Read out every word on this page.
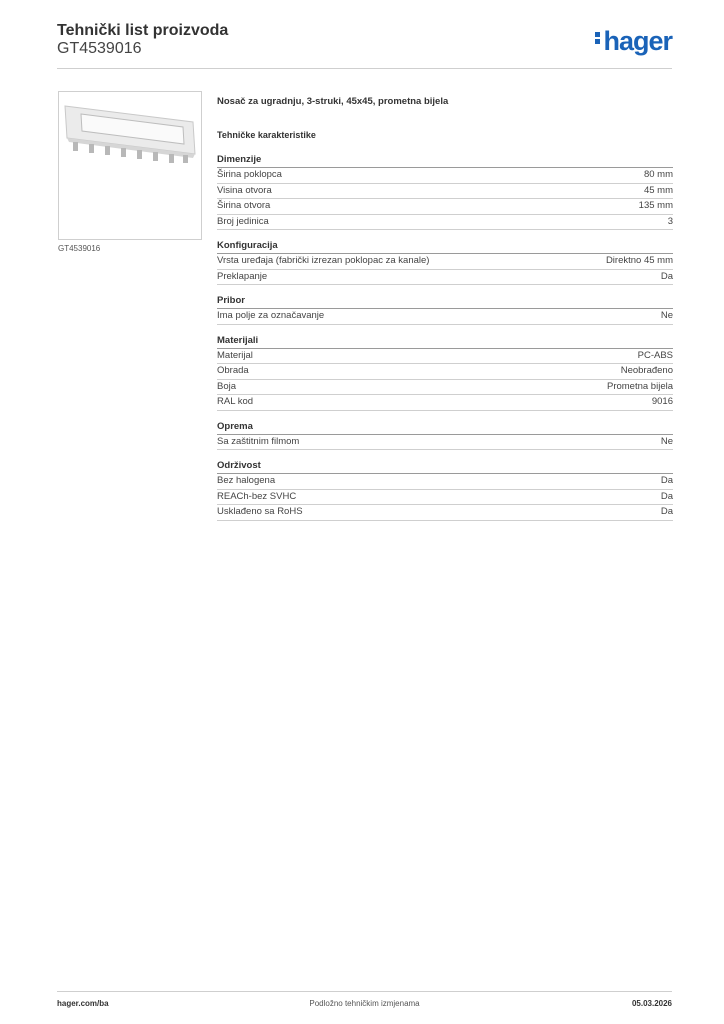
Tehnički list proizvoda
GT4539016	hager
GT4539016
Nosač za ugradnju, 3-struki, 45x45, prometna bijela
Tehničke karakteristike
Dimenzije
Širina poklopca	80 mm
Visina otvora	45 mm
Širina otvora	135 mm
Broj jedinica	3
Konfiguracija
Vrsta uređaja (fabrički izrezan poklopac za kanale)	Direktno 45 mm
Preklapanje	Da
Pribor
Ima polje za označavanje	Ne
Materijali
Materijal	PC-ABS
Obrada	Neobrađeno
Boja	Prometna bijela
RAL kod	9016
Oprema
Sa zaštitnim filmom	Ne
Održivost
Bez halogena	Da
REACh-bez SVHC	Da
Usklađeno sa RoHS	Da
hager.com/ba	Podložno tehničkim izmjenama	05.03.2026
